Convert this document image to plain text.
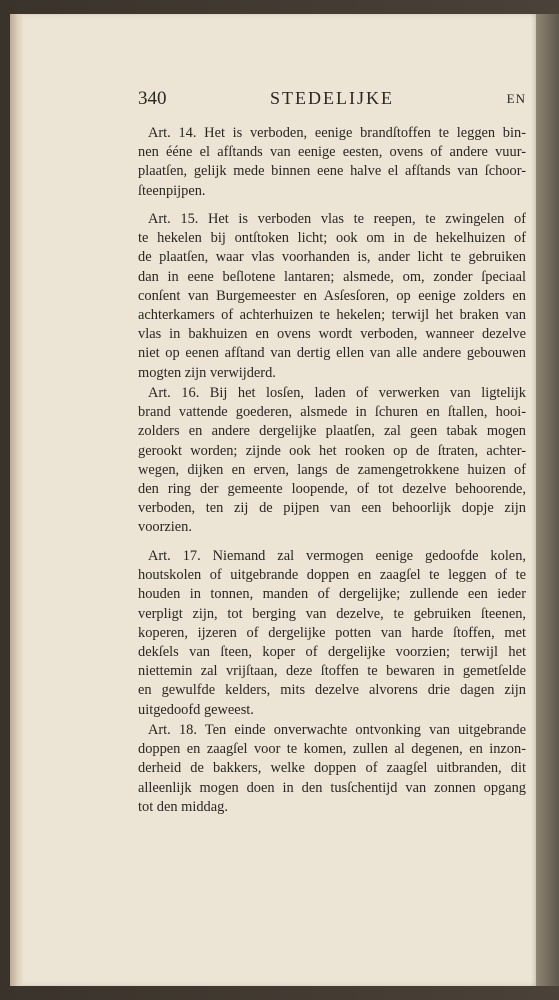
340	STEDELIJKE	EN
Art. 14. Het is verboden, eenige brandſtoffen te leggen bin-
nen ééne el afſtands van eenige eesten, ovens of andere vuur-
plaatſen, gelijk mede binnen eene halve el afſtands van ſchoor-
ſteenpijpen.
Art. 15. Het is verboden vlas te reepen, te zwingelen of
te hekelen bij ontſtoken licht; ook om in de hekelhuizen of
de plaatſen, waar vlas voorhanden is, ander licht te gebruiken
dan in eene beſlotene lantaren; alsmede, om, zonder ſpeciaal
conſent van Burgemeester en Asſesſoren, op eenige zolders en
achterkamers of achterhuizen te hekelen; terwijl het braken van
vlas in bakhuizen en ovens wordt verboden, wanneer dezelve
niet op eenen afſtand van dertig ellen van alle andere gebouwen
mogten zijn verwijderd.
Art. 16. Bij het losſen, laden of verwerken van ligtelijk
brand vattende goederen, alsmede in ſchuren en ſtallen, hooi-
zolders en andere dergelijke plaatſen, zal geen tabak mogen
gerookt worden; zijnde ook het rooken op de ſtraten, achter-
wegen, dijken en erven, langs de zamengetrokkene huizen of
den ring der gemeente loopende, of tot dezelve behoorende,
verboden, ten zij de pijpen van een behoorlijk dopje zijn
voorzien.
Art. 17. Niemand zal vermogen eenige gedoofde kolen,
houtskolen of uitgebrande doppen en zaagſel te leggen of te
houden in tonnen, manden of dergelijke; zullende een ieder
verpligt zijn, tot berging van dezelve, te gebruiken ſteenen,
koperen, ijzeren of dergelijke potten van harde ſtoffen, met
dekſels van ſteen, koper of dergelijke voorzien; terwijl het
niettemin zal vrijſtaan, deze ſtoffen te bewaren in gemetſelde
en gewulfde kelders, mits dezelve alvorens drie dagen zijn
uitgedoofd geweest.
Art. 18. Ten einde onverwachte ontvonking van uitgebrande
doppen en zaagſel voor te komen, zullen al degenen, en inzon-
derheid de bakkers, welke doppen of zaagſel uitbranden, dit
alleenlijk mogen doen in den tusſchentijd van zonnen opgang
tot den middag.
